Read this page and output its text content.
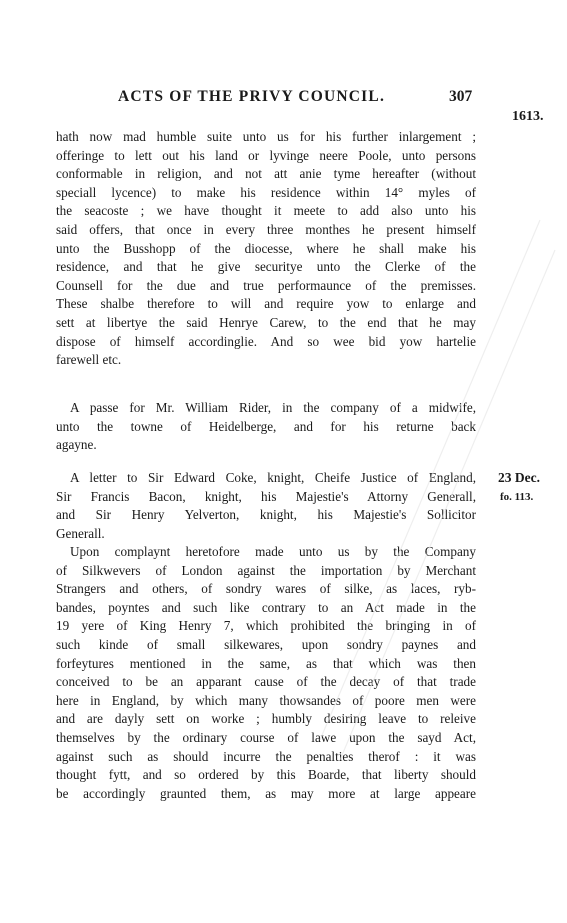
ACTS OF THE PRIVY COUNCIL.	307
1613.
23 Dec.
fo. 113.
hath now mad humble suite unto us for his further inlargement ;
offeringe to lett out his land or lyvinge neere Poole, unto persons
conformable in religion, and not att anie tyme hereafter (without
speciall lycence) to make his residence within 14° myles of
the seacoste ; we have thought it meete to add also unto his
said offers, that once in every three monthes he present himself
unto the Busshopp of the diocesse, where he shall make his
residence, and that he give securitye unto the Clerke of the
Counsell for the due and true performaunce of the premisses.
These shalbe therefore to will and require yow to enlarge and
sett at libertye the said Henrye Carew, to the end that he may
dispose of himself accordinglie. And so wee bid yow hartelie
farewell etc.
A passe for Mr. William Rider, in the company of a midwife,
unto the towne of Heidelberge, and for his returne back
agayne.
A letter to Sir Edward Coke, knight, Cheife Justice of England,
Sir Francis Bacon, knight, his Majestie's Attorny Generall,
and Sir Henry Yelverton, knight, his Majestie's Sollicitor
Generall.
Upon complaynt heretofore made unto us by the Company
of Silkwevers of London against the importation by Merchant
Strangers and others, of sondry wares of silke, as laces, ryb-
bandes, poyntes and such like contrary to an Act made in the
19 yere of King Henry 7, which prohibited the bringing in of
such kinde of small silkewares, upon sondry paynes and
forfeytures mentioned in the same, as that which was then
conceived to be an apparant cause of the decay of that trade
here in England, by which many thowsandes of poore men were
and are dayly sett on worke ; humbly desiring leave to releive
themselves by the ordinary course of lawe upon the sayd Act,
against such as should incurre the penalties therof : it was
thought fytt, and so ordered by this Boarde, that liberty should
be accordingly graunted them, as may more at large appeare
